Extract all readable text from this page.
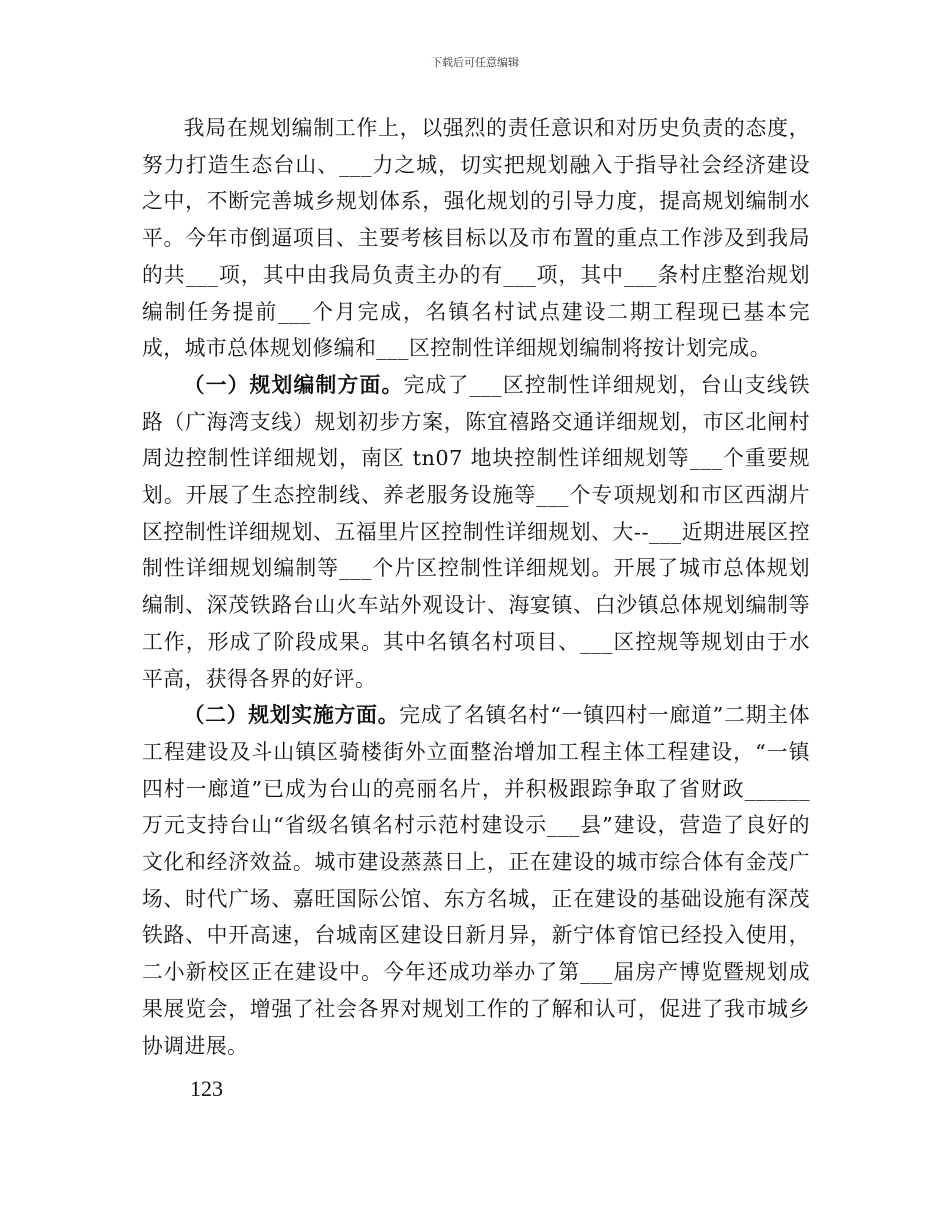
下载后可任意编辑

我局在规划编制工作上，以强烈的责任意识和对历史负责的态度，努力打造生态台山、___力之城，切实把规划融入于指导社会经济建设之中，不断完善城乡规划体系，强化规划的引导力度，提高规划编制水平。今年市倒逼项目、主要考核目标以及市布置的重点工作涉及到我局的共___项，其中由我局负责主办的有___项，其中___条村庄整治规划编制任务提前___个月完成，名镇名村试点建设二期工程现已基本完成，城市总体规划修编和___区控制性详细规划编制将按计划完成。

（一）规划编制方面。完成了___区控制性详细规划，台山支线铁路（广海湾支线）规划初步方案，陈宜禧路交通详细规划，市区北闸村周边控制性详细规划，南区 tn07 地块控制性详细规划等___个重要规划。开展了生态控制线、养老服务设施等___个专项规划和市区西湖片区控制性详细规划、五福里片区控制性详细规划、大--___近期进展区控制性详细规划编制等___个片区控制性详细规划。开展了城市总体规划编制、深茂铁路台山火车站外观设计、海宴镇、白沙镇总体规划编制等工作，形成了阶段成果。其中名镇名村项目、___区控规等规划由于水平高，获得各界的好评。

（二）规划实施方面。完成了名镇名村“一镇四村一廊道”二期主体工程建设及斗山镇区骑楼街外立面整治增加工程主体工程建设，“一镇四村一廊道”已成为台山的亮丽名片，并积极跟踪争取了省财政______万元支持台山“省级名镇名村示范村建设示___县”建设，营造了良好的文化和经济效益。城市建设蒸蒸日上，正在建设的城市综合体有金茂广场、时代广场、嘉旺国际公馆、东方名城，正在建设的基础设施有深茂铁路、中开高速，台城南区建设日新月异，新宁体育馆已经投入使用，二小新校区正在建设中。今年还成功举办了第___届房产博览暨规划成果展览会，增强了社会各界对规划工作的了解和认可，促进了我市城乡协调进展。

123
